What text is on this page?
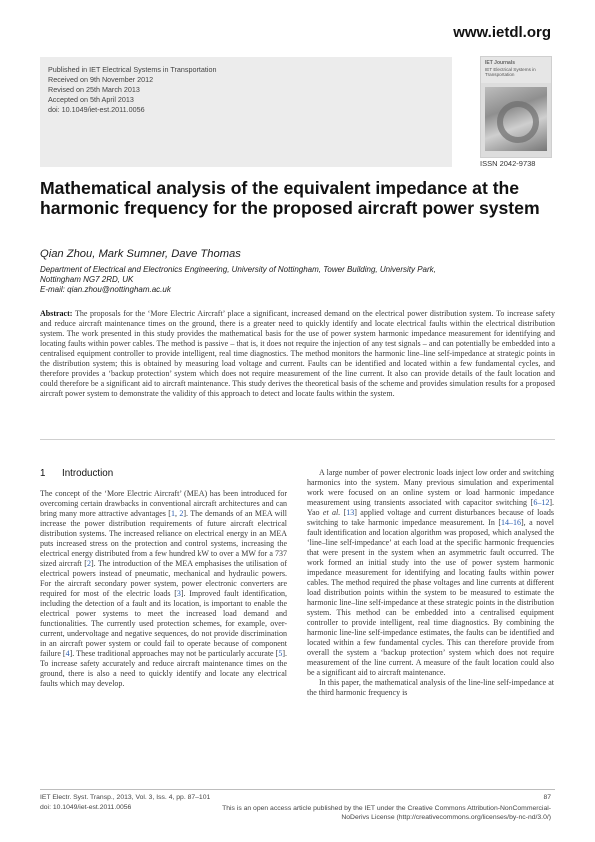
www.ietdl.org
Published in IET Electrical Systems in Transportation
Received on 9th November 2012
Revised on 25th March 2013
Accepted on 5th April 2013
doi: 10.1049/iet-est.2011.0056
IET Journals
IET Electrical Systems in Transportation
ISSN 2042-9738
Mathematical analysis of the equivalent impedance at the harmonic frequency for the proposed aircraft power system
Qian Zhou, Mark Sumner, Dave Thomas
Department of Electrical and Electronics Engineering, University of Nottingham, Tower Building, University Park,
Nottingham NG7 2RD, UK
E-mail: qian.zhou@nottingham.ac.uk
Abstract: The proposals for the ‘More Electric Aircraft’ place a significant, increased demand on the electrical power distribution system. To increase safety and reduce aircraft maintenance times on the ground, there is a greater need to quickly identify and locate electrical faults within the electrical distribution system. The work presented in this study provides the mathematical basis for the use of power system harmonic impedance measurement for identifying and locating faults within power cables. The method is passive – that is, it does not require the injection of any test signals – and can potentially be embedded into a centralised equipment controller to provide intelligent, real time diagnostics. The method monitors the harmonic line–line self-impedance at strategic points in the distribution system; this is obtained by measuring load voltage and current. Faults can be identified and located within a few fundamental cycles, and therefore provides a ‘backup protection’ system which does not require measurement of the line current. It also can provide details of the fault location and could therefore be a significant aid to aircraft maintenance. This study derives the theoretical basis of the scheme and provides simulation results for a proposed aircraft power system to demonstrate the validity of this approach to detect and locate faults within the system.
1 Introduction
The concept of the ‘More Electric Aircraft’ (MEA) has been introduced for overcoming certain drawbacks in conventional aircraft architectures and can bring many more attractive advantages [1, 2]. The demands of an MEA will increase the power distribution requirements of future aircraft electrical distribution systems. The increased reliance on electrical energy in an MEA puts increased stress on the protection and control systems, increasing the electrical energy distributed from a few hundred kW to over a MW for a 737 sized aircraft [2]. The introduction of the MEA emphasises the utilisation of electrical powers instead of pneumatic, mechanical and hydraulic powers. For the aircraft secondary power system, power electronic converters are required for most of the electric loads [3]. Improved fault identification, including the detection of a fault and its location, is important to enable the electrical power systems to meet the increased load demand and functionalities. The currently used protection schemes, for example, over-current, undervoltage and negative sequences, do not provide discrimination in an aircraft power system or could fail to operate because of component failure [4]. These traditional approaches may not be particularly accurate [5]. To increase safety accurately and reduce aircraft maintenance times on the ground, there is also a need to quickly identify and locate any electrical faults which may develop.
A large number of power electronic loads inject low order and switching harmonics into the system. Many previous simulation and experimental work were focused on an online system or load harmonic impedance measurement using transients associated with capacitor switching [6–12]. Yao et al. [13] applied voltage and current disturbances because of loads switching to take harmonic impedance measurement. In [14–16], a novel fault identification and location algorithm was proposed, which analysed the ‘line–line self-impedance’ at each load at the specific harmonic frequencies that were present in the system when an asymmetric fault occurred. The work formed an initial study into the use of power system harmonic impedance measurement for identifying and locating faults within power cables. The method required the phase voltages and line currents at different load distribution points within the system to be measured to estimate the harmonic line–line self-impedance at these strategic points in the distribution system. This method can be embedded into a centralised equipment controller to provide intelligent, real time diagnostics. By combining the harmonic line-line self-impedance estimates, the faults can be identified and located within a few fundamental cycles. This can therefore provide from overall the system a ‘backup protection’ system which does not require measurement of the line current. A measure of the fault location could also be a significant aid to aircraft maintenance.
In this paper, the mathematical analysis of the line-line self-impedance at the third harmonic frequency is
IET Electr. Syst. Transp., 2013, Vol. 3, Iss. 4, pp. 87–101
doi: 10.1049/iet-est.2011.0056
87
This is an open access article published by the IET under the Creative Commons Attribution-NonCommercial-NoDerivs License (http://creativecommons.org/licenses/by-nc-nd/3.0/)
